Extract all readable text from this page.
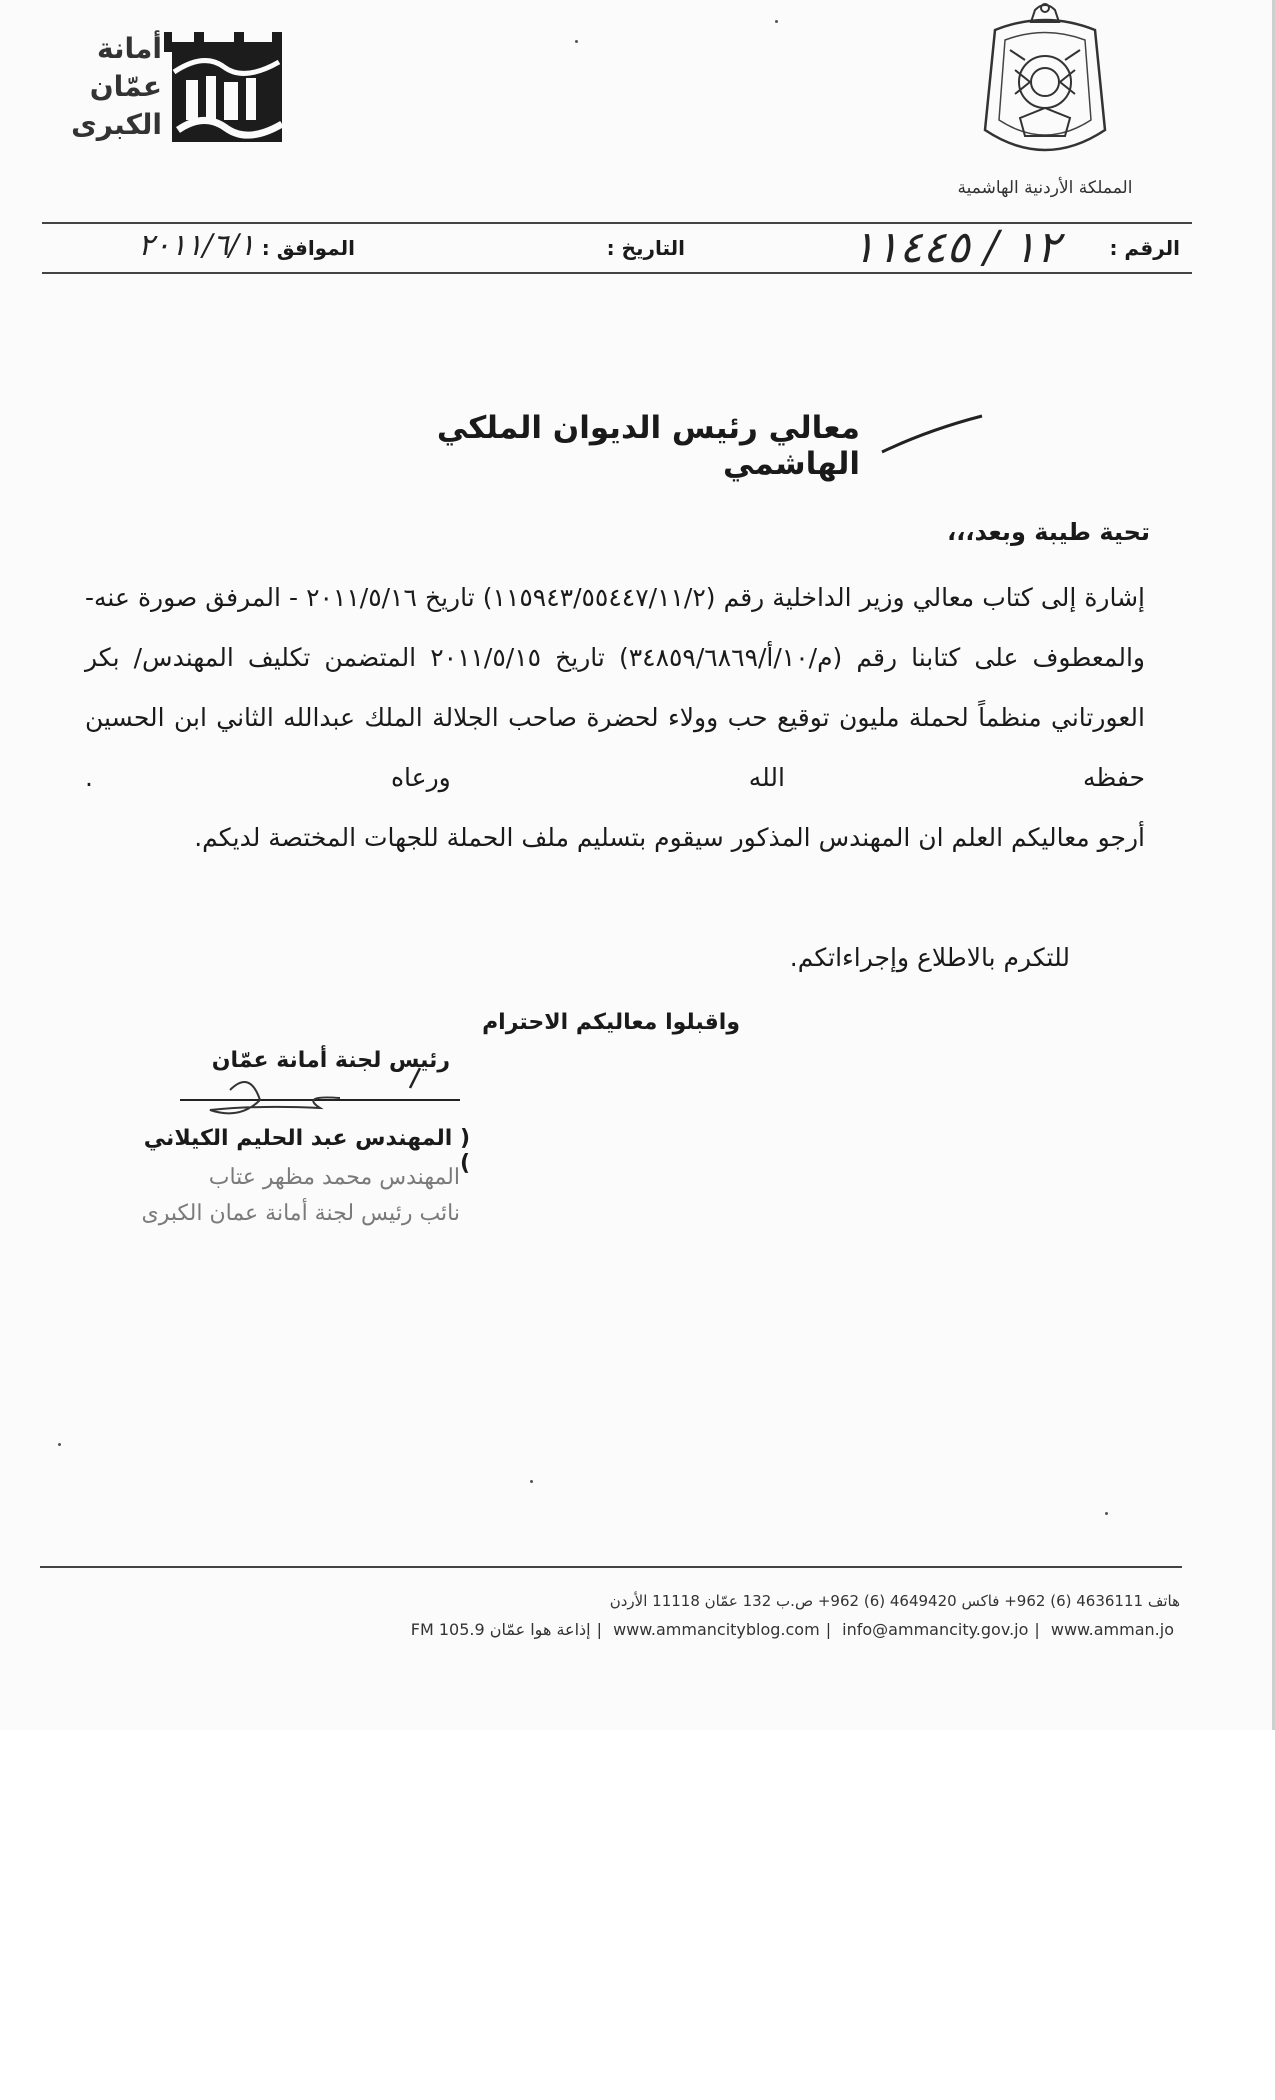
أمانة
عمّان
الكبرى
المملكة الأردنية الهاشمية
الرقم :
١٢ / ١١٤٤٥
التاريخ :
الموافق :
٢٠١١/٦/١
معالي رئيس الديوان الملكي الهاشمي
تحية طيبة وبعد،،،
إشارة إلى كتاب معالي وزير الداخلية رقم (١١٥٩٤٣/٥٥٤٤٧/١١/٢) تاريخ ٢٠١١/٥/١٦ - المرفق صورة عنه- والمعطوف على كتابنا رقم (م/١٠/أ/٣٤٨٥٩/٦٨٦٩) تاريخ ٢٠١١/٥/١٥ المتضمن تكليف المهندس/ بكر العورتاني منظماً لحملة مليون توقيع حب وولاء لحضرة صاحب الجلالة الملك عبدالله الثاني ابن الحسين حفظه الله ورعاه .
أرجو معاليكم العلم ان المهندس المذكور سيقوم بتسليم ملف الحملة للجهات المختصة لديكم.
للتكرم بالاطلاع وإجراءاتكم.
واقبلوا معاليكم الاحترام
رئيس لجنة أمانة عمّان
( المهندس عبد الحليم الكيلاني )
المهندس محمد مظهر عتاب
نائب رئيس لجنة أمانة عمان الكبرى
هاتف 4636111 (6) 962+ فاكس 4649420 (6) 962+ ص.ب 132 عمّان 11118 الأردن
FM 105.9 إذاعة هوا عمّان | www.ammancityblog.com | info@ammancity.gov.jo | www.amman.jo
